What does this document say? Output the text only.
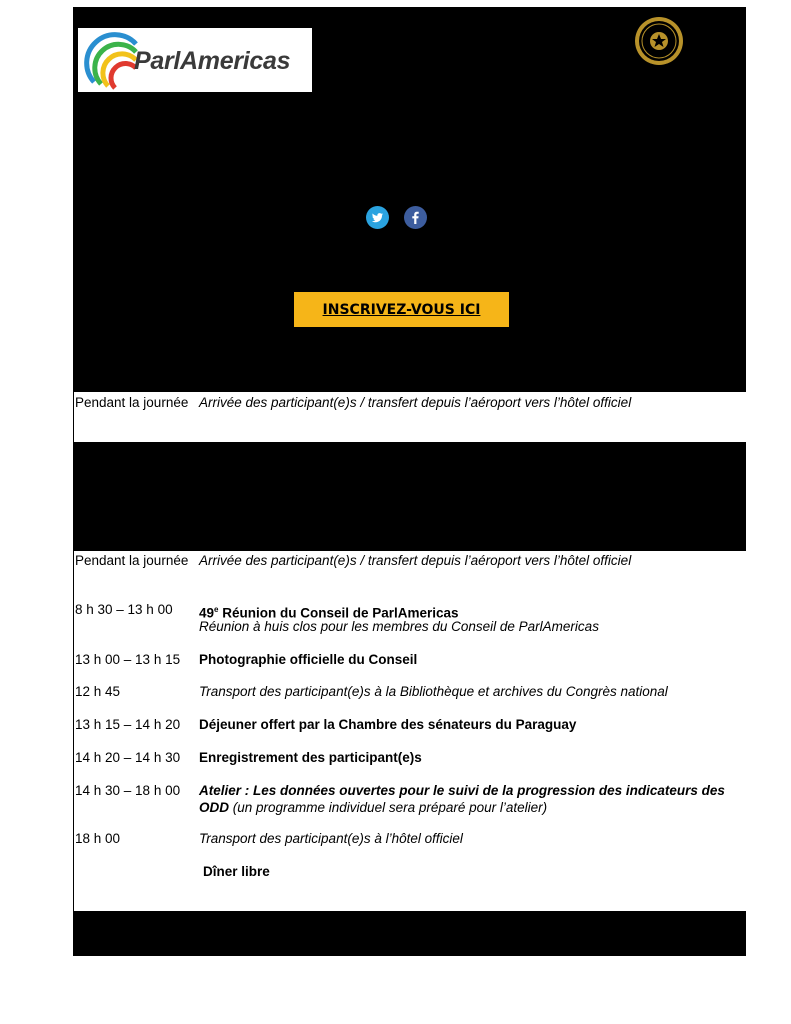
ParlAmericas
INSCRIVEZ-VOUS ICI
Pendant la journée Arrivée des participant(e)s / transfert depuis l’aéroport vers l’hôtel officiel
Pendant la journée Arrivée des participant(e)s / transfert depuis l’aéroport vers l’hôtel officiel
8 h 30 – 13 h 00 49e Réunion du Conseil de ParlAmericas
Réunion à huis clos pour les membres du Conseil de ParlAmericas
13 h 00 – 13 h 15 Photographie officielle du Conseil
12 h 45	Transport des participant(e)s à la Bibliothèque et archives du Congrès national
13 h 15 – 14 h 20 Déjeuner offert par la Chambre des sénateurs du Paraguay
14 h 20 – 14 h 30 Enregistrement des participant(e)s
14 h 30 – 18 h 00 Atelier : Les données ouvertes pour le suivi de la progression des indicateurs des ODD (un programme individuel sera préparé pour l’atelier)
18 h 00	Transport des participant(e)s à l’hôtel officiel
Dîner libre
